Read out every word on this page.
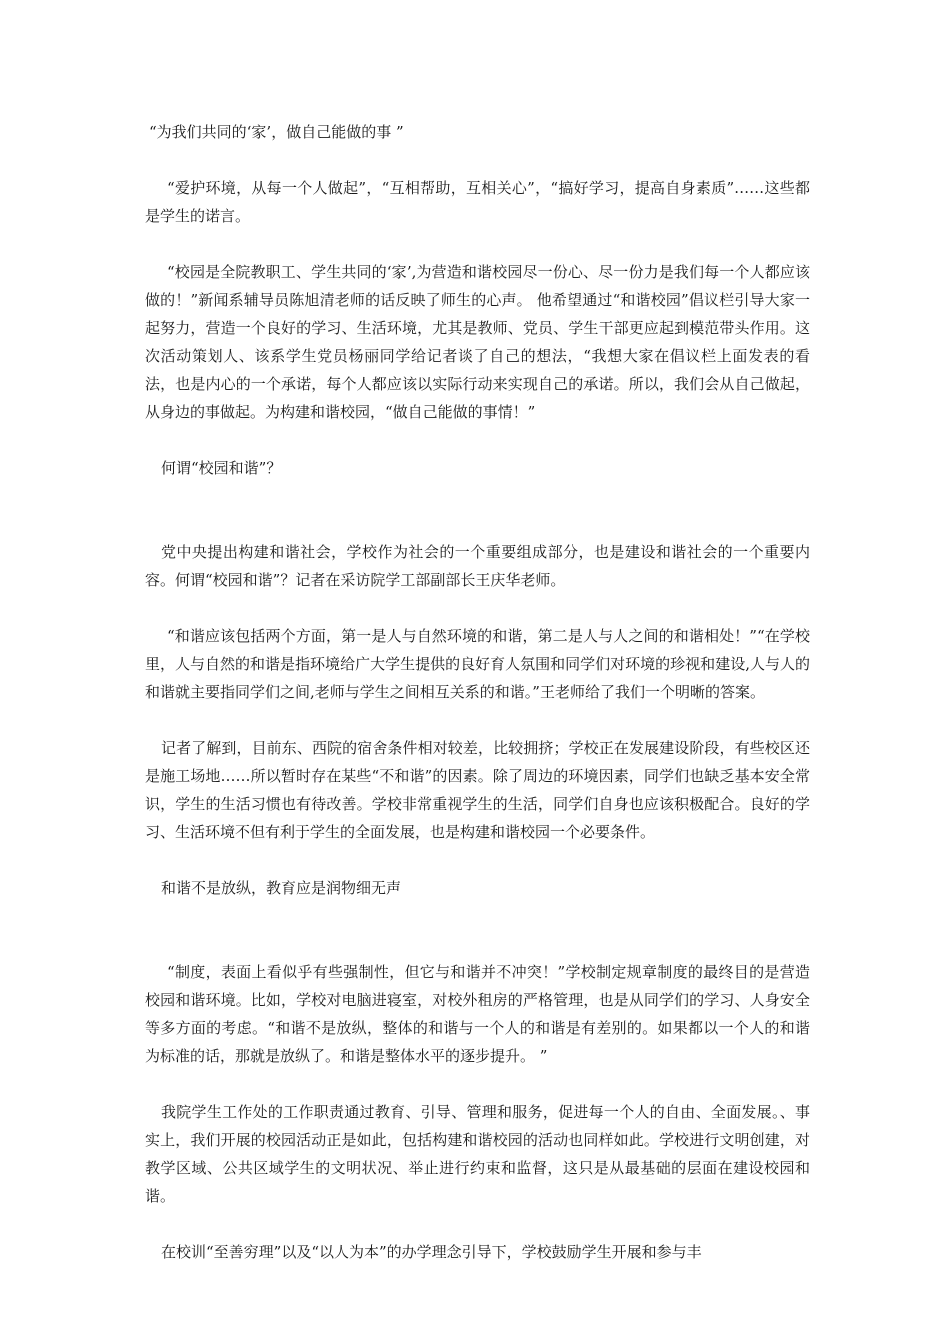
“为我们共同的‘家’，做自己能做的事 ”

“爱护环境，从每一个人做起”，“互相帮助，互相关心”，“搞好学习，提高自身素质”……这些都是学生的诺言。

“校园是全院教职工、学生共同的‘家’,为营造和谐校园尽一份心、尽一份力是我们每一个人都应该做的！”新闻系辅导员陈旭清老师的话反映了师生的心声。 他希望通过“和谐校园”倡议栏引导大家一起努力，营造一个良好的学习、生活环境，尤其是教师、党员、学生干部更应起到模范带头作用。这次活动策划人、该系学生党员杨丽同学给记者谈了自己的想法，“我想大家在倡议栏上面发表的看法，也是内心的一个承诺，每个人都应该以实际行动来实现自己的承诺。所以，我们会从自己做起，从身边的事做起。为构建和谐校园，“做自己能做的事情！”

何谓“校园和谐”？

党中央提出构建和谐社会，学校作为社会的一个重要组成部分，也是建设和谐社会的一个重要内容。何谓“校园和谐”？记者在采访院学工部副部长王庆华老师。

“和谐应该包括两个方面，第一是人与自然环境的和谐，第二是人与人之间的和谐相处！”“在学校里，人与自然的和谐是指环境给广大学生提供的良好育人氛围和同学们对环境的珍视和建设,人与人的和谐就主要指同学们之间,老师与学生之间相互关系的和谐。”王老师给了我们一个明晰的答案。

记者了解到，目前东、西院的宿舍条件相对较差，比较拥挤；学校正在发展建设阶段，有些校区还是施工场地……所以暂时存在某些“不和谐”的因素。除了周边的环境因素，同学们也缺乏基本安全常识，学生的生活习惯也有待改善。学校非常重视学生的生活，同学们自身也应该积极配合。良好的学习、生活环境不但有利于学生的全面发展，也是构建和谐校园一个必要条件。

和谐不是放纵，教育应是润物细无声

“制度，表面上看似乎有些强制性，但它与和谐并不冲突！”学校制定规章制度的最终目的是营造校园和谐环境。比如，学校对电脑进寝室，对校外租房的严格管理，也是从同学们的学习、人身安全等多方面的考虑。“和谐不是放纵，整体的和谐与一个人的和谐是有差别的。如果都以一个人的和谐为标准的话，那就是放纵了。和谐是整体水平的逐步提升。 ”

我院学生工作处的工作职责通过教育、引导、管理和服务，促进每一个人的自由、全面发展。、事实上，我们开展的校园活动正是如此，包括构建和谐校园的活动也同样如此。学校进行文明创建，对教学区域、公共区域学生的文明状况、举止进行约束和监督，这只是从最基础的层面在建设校园和谐。

在校训“至善穷理”以及“以人为本”的办学理念引导下，学校鼓励学生开展和参与丰
